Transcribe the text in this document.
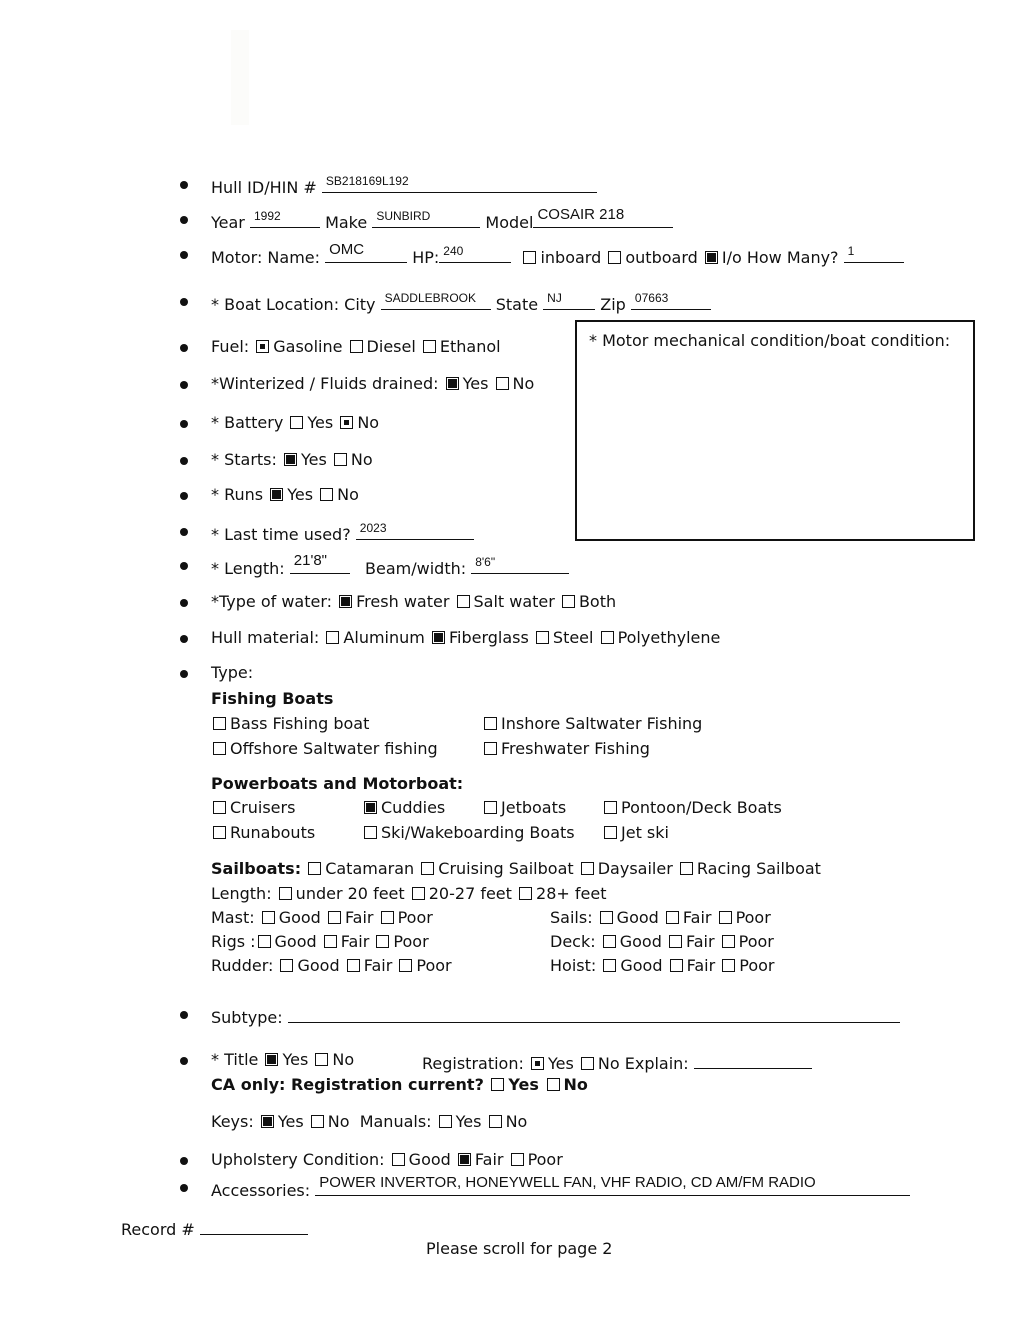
Hull ID/HIN # SB218169L192
Year 1992	Make SUNBIRD	Model COSAIR 218
Motor: Name: OMC	HP: 240	inboard outboard I/o How Many? 1
* Boat Location: City SADDLEBROOK State NJ Zip 07663
* Motor mechanical condition/boat condition:
Fuel: Gasoline Diesel Ethanol
*Winterized / Fluids drained: Yes No
* Battery Yes No
* Starts: Yes No
* Runs Yes No
* Last time used? 2023
* Length: 21'8" Beam/width: 8'6"
*Type of water: Fresh water Salt water Both
Hull material: Aluminum Fiberglass Steel Polyethylene
Type:
Fishing Boats
Bass Fishing boat	Inshore Saltwater Fishing
Offshore Saltwater fishing	Freshwater Fishing
Powerboats and Motorboat:
Cruisers	Cuddies	Jetboats	Pontoon/Deck Boats
Runabouts	Ski/Wakeboarding Boats	Jet ski
Sailboats: Catamaran Cruising Sailboat Daysailer Racing Sailboat
Length: under 20 feet 20-27 feet 28+ feet
Mast: Good Fair Poor	Sails: Good Fair Poor
Rigs : Good Fair Poor	Deck: Good Fair Poor
Rudder: Good Fair Poor	Hoist: Good Fair Poor
Subtype:
* Title Yes No	Registration: Yes No Explain:
CA only: Registration current? Yes No
Keys: Yes No Manuals: Yes No
Upholstery Condition: Good Fair Poor
Accessories: POWER INVERTOR, HONEYWELL FAN, VHF RADIO, CD AM/FM RADIO
Record #
Please scroll for page 2
